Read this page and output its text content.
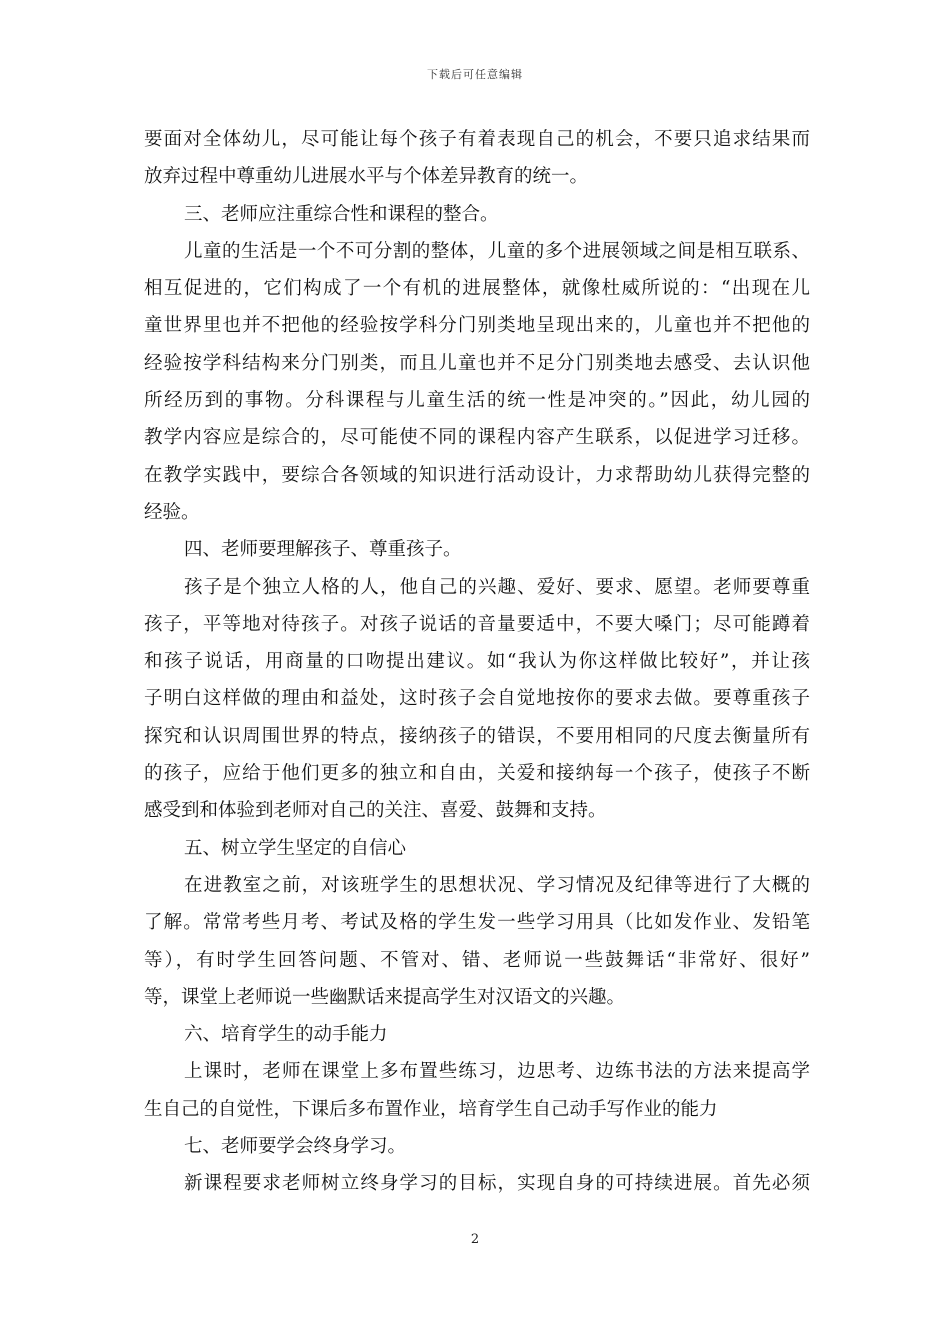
下载后可任意编辑
要面对全体幼儿，尽可能让每个孩子有着表现自己的机会，不要只追求结果而
放弃过程中尊重幼儿进展水平与个体差异教育的统一。
三、老师应注重综合性和课程的整合。
儿童的生活是一个不可分割的整体，儿童的多个进展领域之间是相互联系、
相互促进的，它们构成了一个有机的进展整体，就像杜威所说的：“出现在儿
童世界里也并不把他的经验按学科分门别类地呈现出来的，儿童也并不把他的
经验按学科结构来分门别类，而且儿童也并不足分门别类地去感受、去认识他
所经历到的事物。分科课程与儿童生活的统一性是冲突的。”因此，幼儿园的
教学内容应是综合的，尽可能使不同的课程内容产生联系，以促进学习迁移。
在教学实践中，要综合各领域的知识进行活动设计，力求帮助幼儿获得完整的
经验。
四、老师要理解孩子、尊重孩子。
孩子是个独立人格的人，他自己的兴趣、爱好、要求、愿望。老师要尊重
孩子，平等地对待孩子。对孩子说话的音量要适中，不要大嗓门；尽可能蹲着
和孩子说话，用商量的口吻提出建议。如“我认为你这样做比较好”，并让孩
子明白这样做的理由和益处，这时孩子会自觉地按你的要求去做。要尊重孩子
探究和认识周围世界的特点，接纳孩子的错误，不要用相同的尺度去衡量所有
的孩子，应给于他们更多的独立和自由，关爱和接纳每一个孩子，使孩子不断
感受到和体验到老师对自己的关注、喜爱、鼓舞和支持。
五、树立学生坚定的自信心
在进教室之前，对该班学生的思想状况、学习情况及纪律等进行了大概的
了解。常常考些月考、考试及格的学生发一些学习用具（比如发作业、发铅笔
等），有时学生回答问题、不管对、错、老师说一些鼓舞话“非常好、很好”
等，课堂上老师说一些幽默话来提高学生对汉语文的兴趣。
六、培育学生的动手能力
上课时，老师在课堂上多布置些练习，边思考、边练书法的方法来提高学
生自己的自觉性，下课后多布置作业，培育学生自己动手写作业的能力
七、老师要学会终身学习。
新课程要求老师树立终身学习的目标，实现自身的可持续进展。首先必须
2
